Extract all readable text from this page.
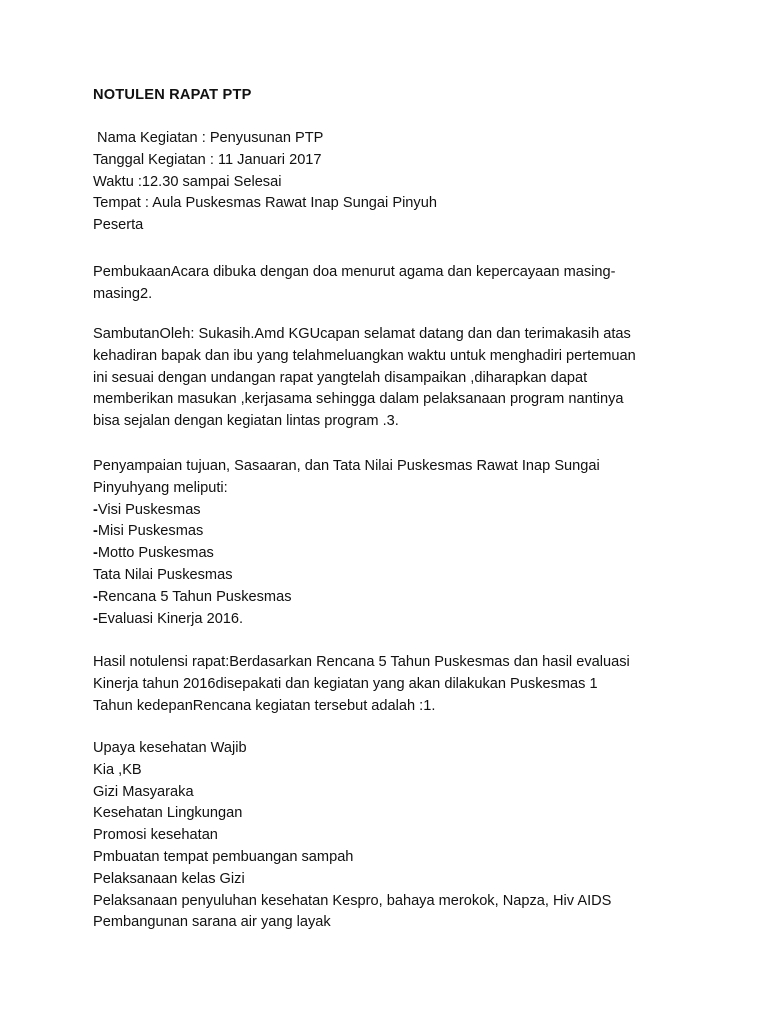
NOTULEN RAPAT PTP
Nama Kegiatan : Penyusunan PTP
Tanggal Kegiatan : 11 Januari 2017
Waktu :12.30 sampai Selesai
Tempat : Aula Puskesmas Rawat Inap Sungai Pinyuh
Peserta
PembukaanAcara dibuka dengan doa menurut agama dan kepercayaan masing-
masing2.
SambutanOleh: Sukasih.Amd KGUcapan selamat datang dan dan terimakasih atas
kehadiran bapak dan ibu yang telahmeluangkan waktu untuk menghadiri pertemuan
ini sesuai dengan undangan rapat yangtelah disampaikan ,diharapkan dapat
memberikan masukan ,kerjasama sehingga dalam pelaksanaan program nantinya
bisa sejalan dengan kegiatan lintas program .3.
Penyampaian tujuan, Sasaaran, dan Tata Nilai Puskesmas Rawat Inap Sungai
Pinyuhyang meliputi:
-Visi Puskesmas
-Misi Puskesmas
-Motto Puskesmas
Tata Nilai Puskesmas
-Rencana 5 Tahun Puskesmas
-Evaluasi Kinerja 2016.
Hasil notulensi rapat:Berdasarkan Rencana 5 Tahun Puskesmas dan hasil evaluasi
Kinerja tahun 2016disepakati dan kegiatan yang akan dilakukan Puskesmas 1
Tahun kedepanRencana kegiatan tersebut adalah :1.
Upaya kesehatan Wajib
Kia ,KB
Gizi Masyaraka
Kesehatan Lingkungan
Promosi kesehatan
Pmbuatan tempat pembuangan sampah
Pelaksanaan kelas Gizi
Pelaksanaan penyuluhan kesehatan Kespro, bahaya merokok, Napza, Hiv AIDS
Pembangunan sarana air yang layak
